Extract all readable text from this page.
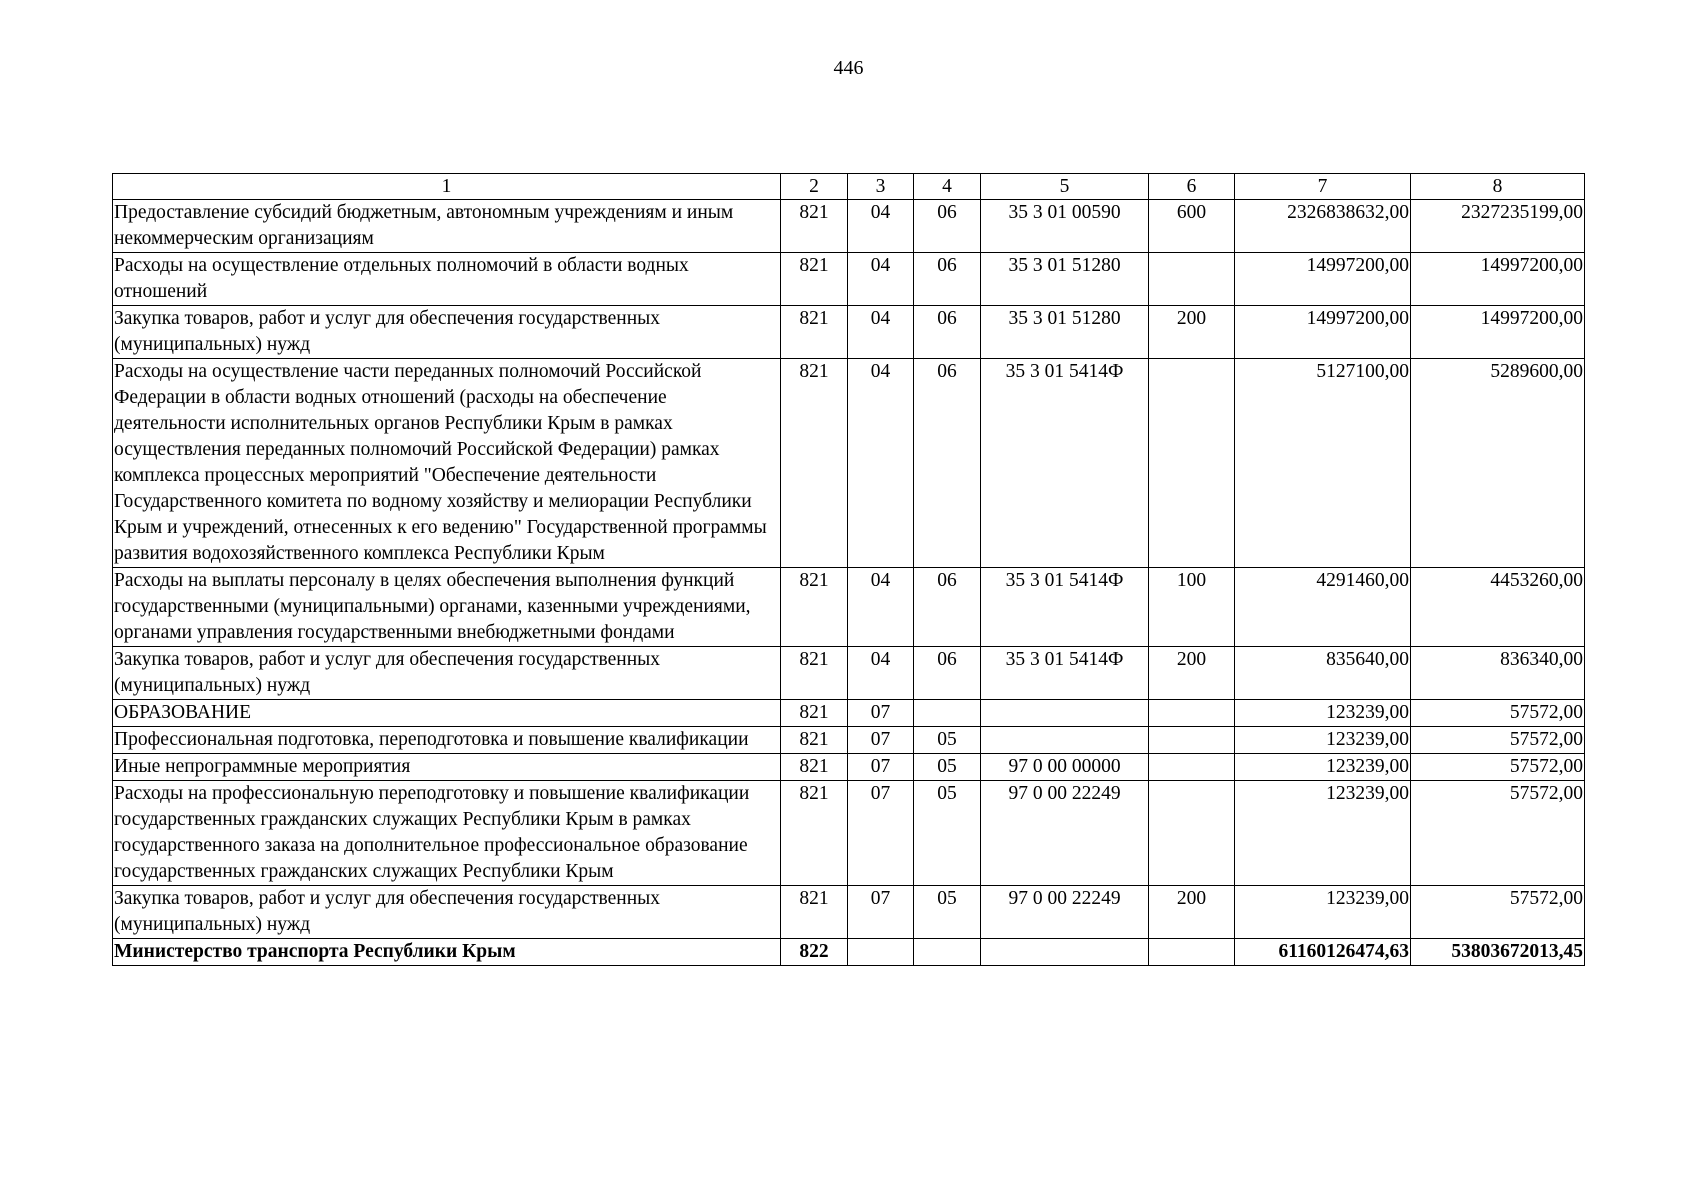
446
1	2	3	4	5	6	7	8
Предоставление субсидий бюджетным, автономным учреждениям и иным некоммерческим организациям	821	04	06	35 3 01 00590	600	2326838632,00	2327235199,00
Расходы на осуществление отдельных полномочий в области водных отношений	821	04	06	35 3 01 51280		14997200,00	14997200,00
Закупка товаров, работ и услуг для обеспечения государственных (муниципальных) нужд	821	04	06	35 3 01 51280	200	14997200,00	14997200,00
Расходы на осуществление части переданных полномочий Российской Федерации в области водных отношений (расходы на обеспечение деятельности исполнительных органов Республики Крым в рамках осуществления переданных полномочий Российской Федерации) рамках комплекса процессных мероприятий "Обеспечение деятельности Государственного комитета по водному хозяйству и мелиорации Республики Крым и учреждений, отнесенных к его ведению" Государственной программы развития водохозяйственного комплекса Республики Крым	821	04	06	35 3 01 5414Ф		5127100,00	5289600,00
Расходы на выплаты персоналу в целях обеспечения выполнения функций государственными (муниципальными) органами, казенными учреждениями, органами управления государственными внебюджетными фондами	821	04	06	35 3 01 5414Ф	100	4291460,00	4453260,00
Закупка товаров, работ и услуг для обеспечения государственных (муниципальных) нужд	821	04	06	35 3 01 5414Ф	200	835640,00	836340,00
ОБРАЗОВАНИЕ	821	07				123239,00	57572,00
Профессиональная подготовка, переподготовка и повышение квалификации	821	07	05			123239,00	57572,00
Иные непрограммные мероприятия	821	07	05	97 0 00 00000		123239,00	57572,00
Расходы на профессиональную переподготовку и повышение квалификации государственных гражданских служащих Республики Крым в рамках государственного заказа на дополнительное профессиональное образование государственных гражданских служащих Республики Крым	821	07	05	97 0 00 22249		123239,00	57572,00
Закупка товаров, работ и услуг для обеспечения государственных (муниципальных) нужд	821	07	05	97 0 00 22249	200	123239,00	57572,00
Министерство транспорта Республики Крым	822					61160126474,63	53803672013,45
